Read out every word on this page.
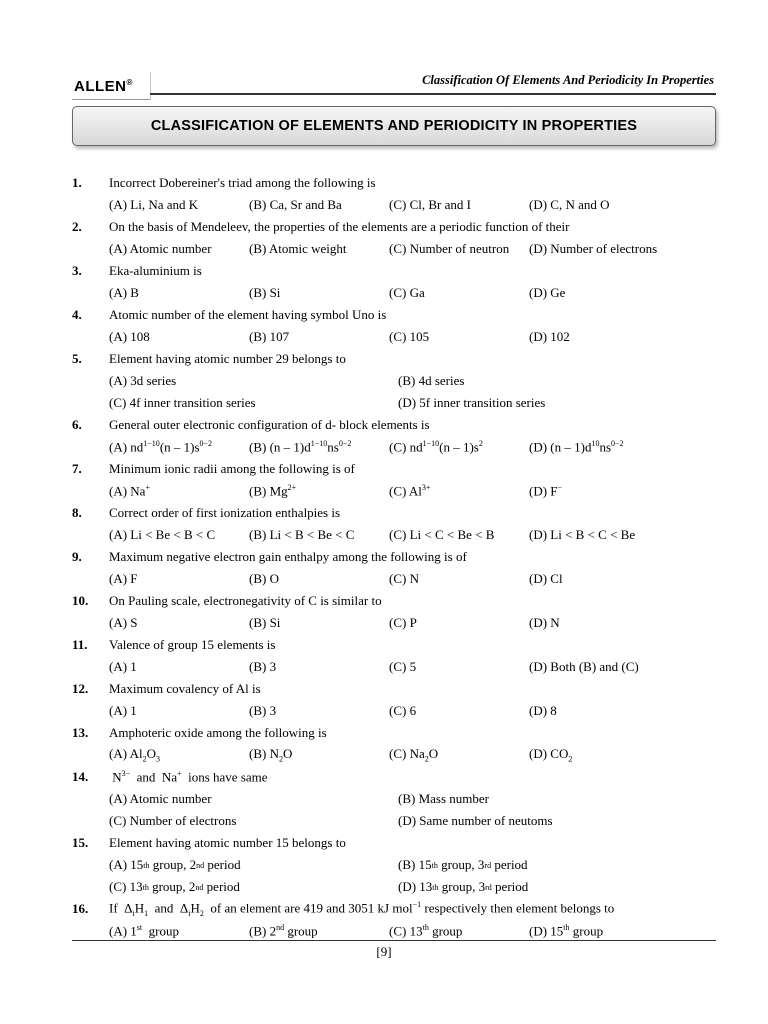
ALLEN®	Classification Of Elements And Periodicity In Properties
CLASSIFICATION OF ELEMENTS AND PERIODICITY IN PROPERTIES
1.	Incorrect Dobereiner's triad among the following is
(A) Li, Na and K	(B) Ca, Sr and Ba	(C) Cl, Br and I	(D) C, N and O
2.	On the basis of Mendeleev, the properties of the elements are a periodic function of their
(A) Atomic number	(B) Atomic weight	(C) Number of neutron	(D) Number of electrons
3.	Eka-aluminium is
(A) B	(B) Si	(C) Ga	(D) Ge
4.	Atomic number of the element having symbol Uno is
(A) 108	(B) 107	(C) 105	(D) 102
5.	Element having atomic number 29 belongs to
(A) 3d series	(B) 4d series
(C) 4f inner transition series	(D) 5f inner transition series
6.	General outer electronic configuration of d- block elements is
(A) $nd^{1-10}(n - 1)s^{0-2}$	(B) $(n - 1)d^{1-10}ns^{0-2}$	(C) $nd^{1-10}(n - 1)s^2$	(D) $(n - 1)d^{10}ns^{0-2}$
7.	Minimum ionic radii among the following is of
(A) Na+	(B) $Mg^{2+}$	(C) $Al^{3+}$	(D) F−
8.	Correct order of first ionization enthalpies is
(A) Li < Be < B < C	(B) Li < B < Be < C	(C) Li < C < Be < B	(D) Li < B < C < Be
9.	Maximum negative electron gain enthalpy among the following is of
(A) F	(B) O	(C) N	(D) Cl
10.	On Pauling scale, electronegativity of C is similar to
(A) S	(B) Si	(C) P	(D) N
11.	Valence of group 15 elements is
(A) 1	(B) 3	(C) 5	(D) Both (B) and (C)
12.	Maximum covalency of Al is
(A) 1	(B) 3	(C) 6	(D) 8
13.	Amphoteric oxide among the following is
(A) $Al_2O_3$	(B) $N_2O$	(C) $Na_2O$	(D) $CO_2$
14.	$N^{3-}$  and  Na+ ions have same
(A) Atomic number	(B) Mass number
(C) Number of electrons	(D) Same number of neutoms
15.	Element having atomic number 15 belongs to
(A) 15 th group, 2 nd period	(B) 15 th group, 3 rd period
(C) 13 th group, 2 nd period	(D) 13 th group, 3 rd period
16.	If  $\Delta_iH_1$  and  $\Delta_iH_2$ of an element are 419 and 3051 kJ mol$^{-1}$ respectively then element belongs to
(A) 1st  group	(B) 2nd group	(C) 13th group	(D) 15th group
[9]
